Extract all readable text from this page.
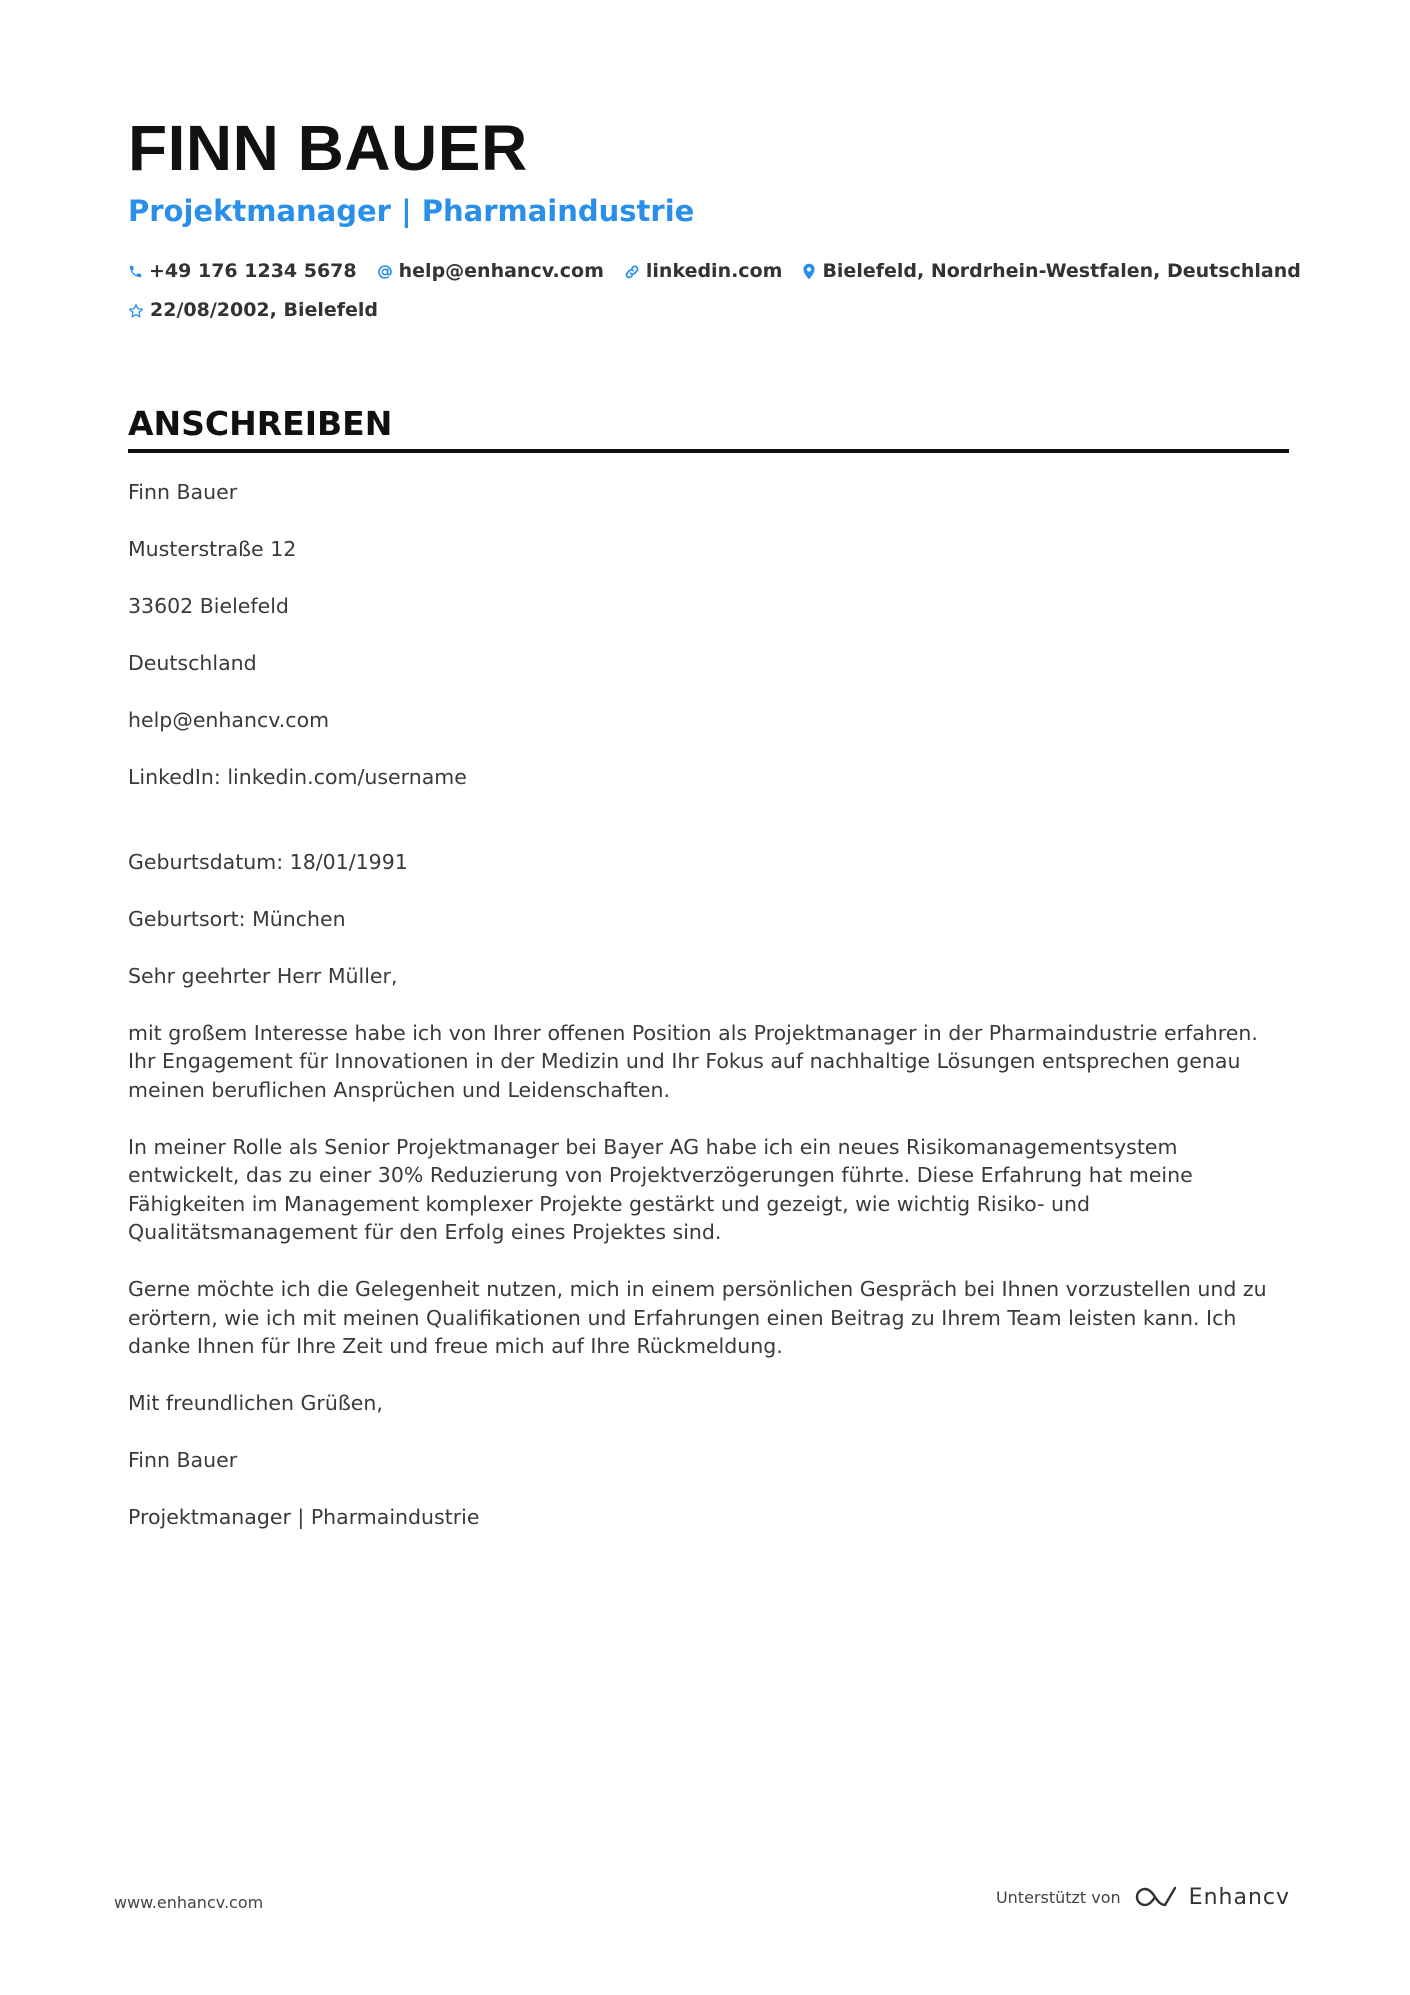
FINN BAUER
Projektmanager | Pharmaindustrie
+49 176 1234 5678 help@enhancv.com linkedin.com Bielefeld, Nordrhein-Westfalen, Deutschland
22/08/2002, Bielefeld
ANSCHREIBEN

Finn Bauer

Musterstraße 12

33602 Bielefeld

Deutschland

help@enhancv.com

LinkedIn: linkedin.com/username

Geburtsdatum: 18/01/1991

Geburtsort: München

Sehr geehrter Herr Müller,

mit großem Interesse habe ich von Ihrer offenen Position als Projektmanager in der Pharmaindustrie erfahren. Ihr Engagement für Innovationen in der Medizin und Ihr Fokus auf nachhaltige Lösungen entsprechen genau meinen beruflichen Ansprüchen und Leidenschaften.

In meiner Rolle als Senior Projektmanager bei Bayer AG habe ich ein neues Risikomanagementsystem entwickelt, das zu einer 30% Reduzierung von Projektverzögerungen führte. Diese Erfahrung hat meine Fähigkeiten im Management komplexer Projekte gestärkt und gezeigt, wie wichtig Risiko- und Qualitätsmanagement für den Erfolg eines Projektes sind.

Gerne möchte ich die Gelegenheit nutzen, mich in einem persönlichen Gespräch bei Ihnen vorzustellen und zu erörtern, wie ich mit meinen Qualifikationen und Erfahrungen einen Beitrag zu Ihrem Team leisten kann. Ich danke Ihnen für Ihre Zeit und freue mich auf Ihre Rückmeldung.

Mit freundlichen Grüßen,

Finn Bauer

Projektmanager | Pharmaindustrie

www.enhancv.com	Unterstützt von	Enhancv
